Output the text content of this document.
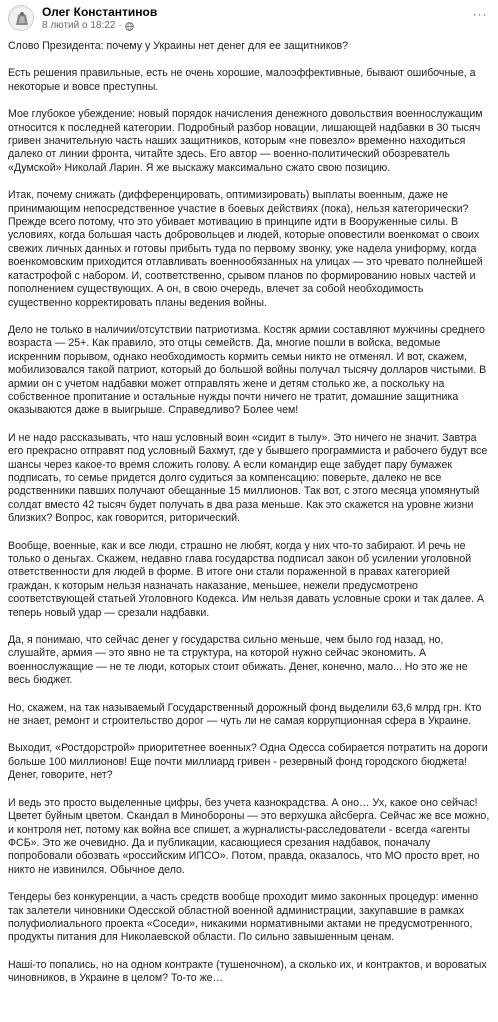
Олег Константинов
8 лютий о 18:22 ·
···

Слово Президента: почему у Украины нет денег для ее защитников?

Есть решения правильные, есть не очень хорошие, малоэффективные, бывают ошибочные, а некоторые и вовсе преступны.

Мое глубокое убеждение: новый порядок начисления денежного довольствия военнослужащим относится к последней категории. Подробный разбор новации, лишающей надбавки в 30 тысяч гривен значительную часть наших защитников, которым «не повезло» временно находиться далеко от линии фронта, читайте здесь. Его автор — военно-политический обозреватель «Думской» Николай Ларин. Я же выскажу максимально сжато свою позицию.

Итак, почему снижать (дифференцировать, оптимизировать) выплаты военным, даже не принимающим непосредственное участие в боевых действиях (пока), нельзя категорически? Прежде всего потому, что это убивает мотивацию в принципе идти в Вооруженные силы. В условиях, когда большая часть добровольцев и людей, которые оповестили военкомат о своих свежих личных данных и готовы прибыть туда по первому звонку, уже надела униформу, когда военкомовским приходится отлавливать военнообязанных на улицах — это чревато полнейшей катастрофой с набором. И, соответственно, срывом планов по формированию новых частей и пополнением существующих. А он, в свою очередь, влечет за собой необходимость существенно корректировать планы ведения войны.

Дело не только в наличии/отсутствии патриотизма. Костяк армии составляют мужчины среднего возраста — 25+. Как правило, это отцы семейств. Да, многие пошли в войска, ведомые искренним порывом, однако необходимость кормить семьи никто не отменял. И вот, скажем, мобилизовался такой патриот, который до большой войны получал тысячу долларов чистыми. В армии он с учетом надбавки может отправлять жене и детям столько же, а поскольку на собственное пропитание и остальные нужды почти ничего не тратит, домашние защитника оказываются даже в выигрыше. Справедливо? Более чем!

И не надо рассказывать, что наш условный воин «сидит в тылу». Это ничего не значит. Завтра его прекрасно отправят под условный Бахмут, где у бывшего программиста и рабочего будут все шансы через какое-то время сложить голову. А если командир еще забудет пару бумажек подписать, то семье придется долго судиться за компенсацию: поверьте, далеко не все родственники павших получают обещанные 15 миллионов. Так вот, с этого месяца упомянутый солдат вместо 42 тысяч будет получать в два раза меньше. Как это скажется на уровне жизни близких? Вопрос, как говорится, риторический.

Вообще, военные, как и все люди, страшно не любят, когда у них что-то забирают. И речь не только о деньгах. Скажем, недавно глава государства подписал закон об усилении уголовной ответственности для людей в форме. В итоге они стали пораженной в правах категорией граждан, к которым нельзя назначать наказание, меньшее, нежели предусмотрено соответствующей статьей Уголовного Кодекса. Им нельзя давать условные сроки и так далее. А теперь новый удар — срезали надбавки.

Да, я понимаю, что сейчас денег у государства сильно меньше, чем было год назад, но, слушайте, армия — это явно не та структура, на которой нужно сейчас экономить. А военнослужащие — не те люди, которых стоит обижать. Денег, конечно, мало... Но это же не весь бюджет.

Но, скажем, на так называемый Государственный дорожный фонд выделили 63,6 млрд грн. Кто не знает, ремонт и строительство дорог — чуть ли не самая коррупционная сфера в Украине.

Выходит, «Ростдорстрой» приоритетнее военных? Одна Одесса собирается потратить на дороги больше 100 миллионов! Еще почти миллиард гривен - резервный фонд городского бюджета! Денег, говорите, нет?

И ведь это просто выделенные цифры, без учета казнокрадства. А оно… Ух, какое оно сейчас! Цветет буйным цветом. Скандал в Минобороны — это верхушка айсберга. Сейчас же все можно, и контроля нет, потому как война все спишет, а журналисты-расследователи - всегда «агенты ФСБ». Это же очевидно. Да и публикации, касающиеся срезания надбавок, поначалу попробовали обозвать «российским ИПСО». Потом, правда, оказалось, что МО просто врет, но никто не извинился. Обычное дело.

Тендеры без конкуренции, а часть средств вообще проходит мимо законных процедур: именно так залетели чиновники Одесской областной военной администрации, закупавшие в рамках полуфиолиального проекта «Соседи», никакими нормативными актами не предусмотренного, продукты питания для Николаевской области. По сильно завышенным ценам.

Нашi-то попались, но на одном контракте (тушеночном), а сколько их, и контрактов, и вороватых чиновников, в Украине в целом? То-то же…
